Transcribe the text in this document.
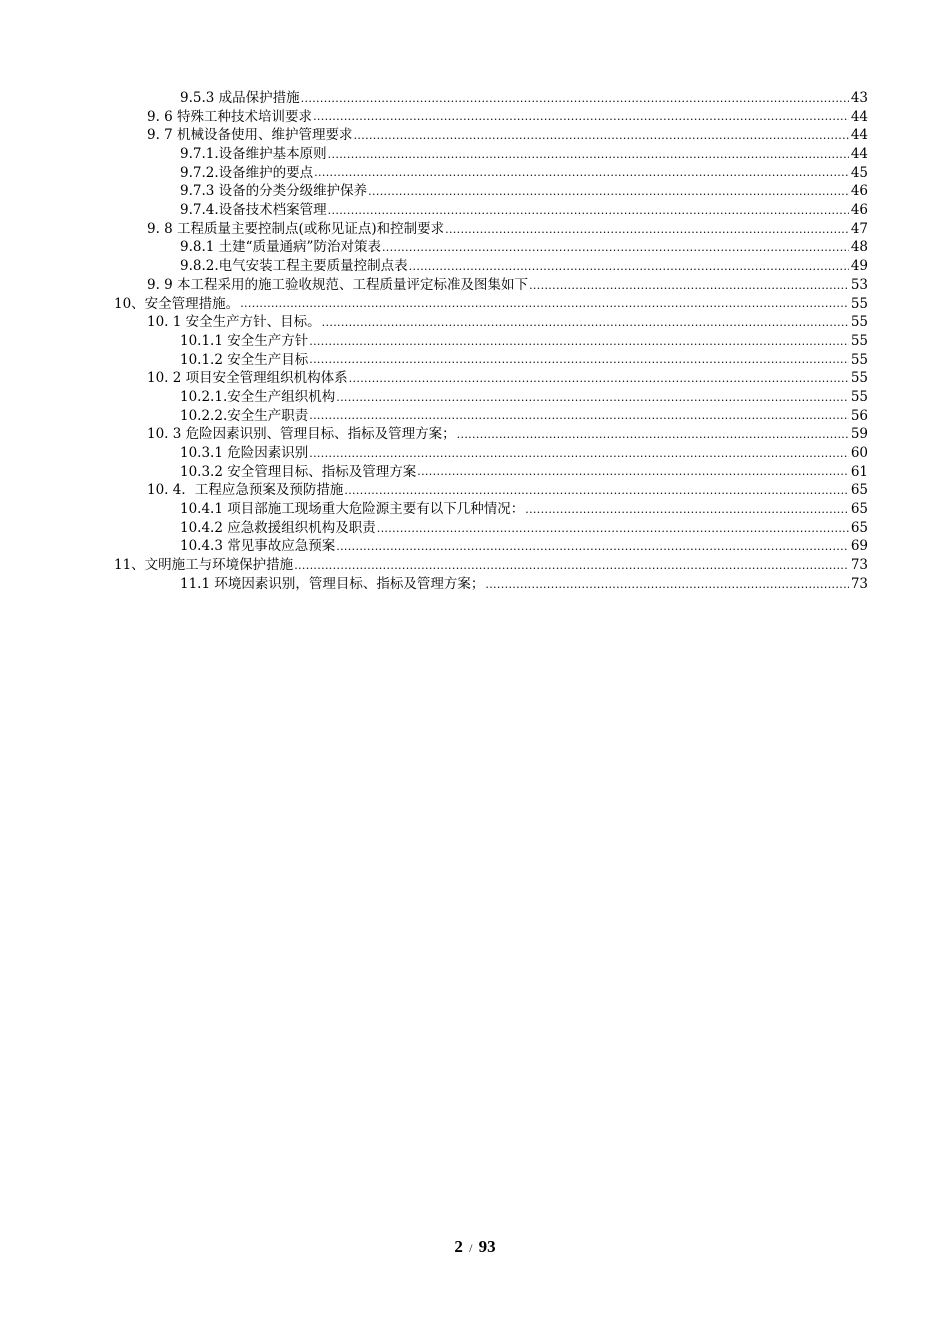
9.5.3 成品保护措施 .....	43
9. 6 特殊工种技术培训要求 .....	44
9. 7 机械设备使用、维护管理要求 .....	44
9.7.1.设备维护基本原则 .....	44
9.7.2.设备维护的要点 .....	45
9.7.3 设备的分类分级维护保养 .....	46
9.7.4.设备技术档案管理 .....	46
9. 8 工程质量主要控制点(或称见证点)和控制要求 .....	47
9.8.1 土建“质量通病”防治对策表 .....	48
9.8.2.电气安装工程主要质量控制点表 .....	49
9. 9 本工程采用的施工验收规范、工程质量评定标准及图集如下 .....	53
10、安全管理措施。 .....	55
10. 1 安全生产方针、目标。 .....	55
10.1.1 安全生产方针 .....	55
10.1.2 安全生产目标 .....	55
10. 2 项目安全管理组织机构体系 .....	55
10.2.1.安全生产组织机构 .....	55
10.2.2.安全生产职责 .....	56
10. 3 危险因素识别、管理目标、指标及管理方案； .....	59
10.3.1 危险因素识别 .....	60
10.3.2 安全管理目标、指标及管理方案 .....	61
10. 4．工程应急预案及预防措施 .....	65
10.4.1 项目部施工现场重大危险源主要有以下几种情况： .....	65
10.4.2 应急救援组织机构及职责 .....	65
10.4.3 常见事故应急预案 .....	69
11、文明施工与环境保护措施 .....	73
11.1 环境因素识别，管理目标、指标及管理方案； .....	73
2 / 93
